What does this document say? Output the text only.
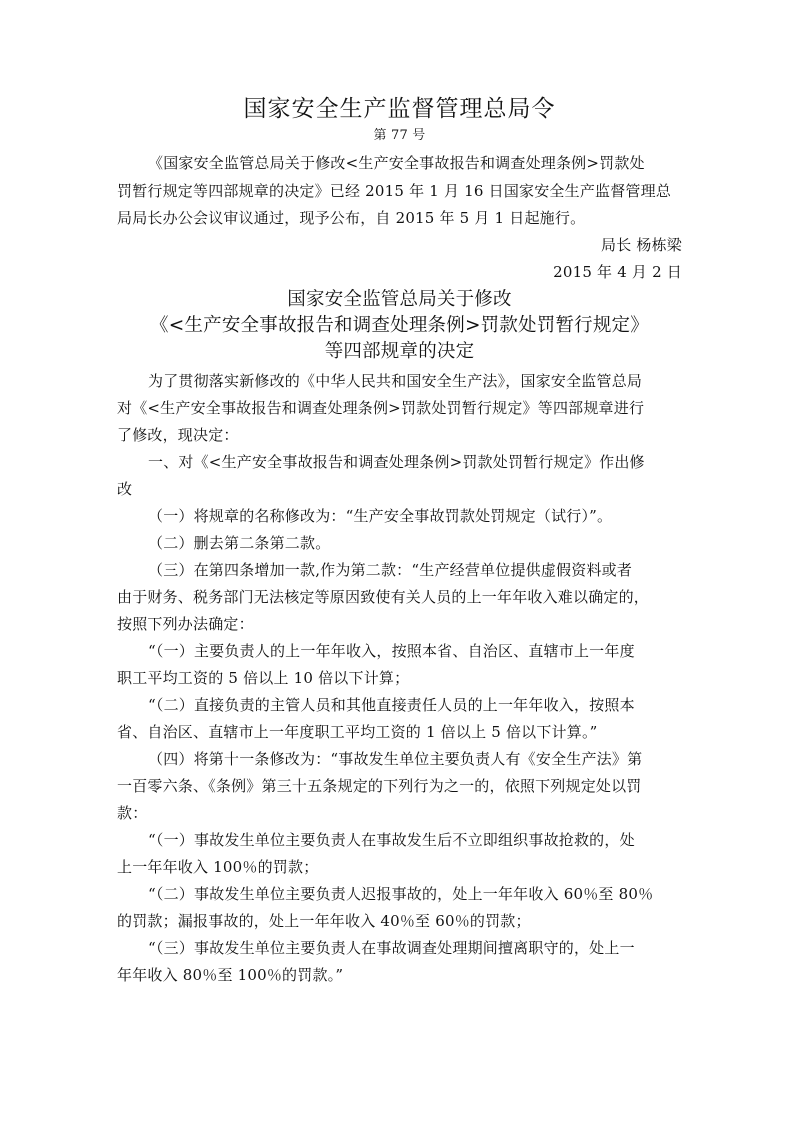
国家安全生产监督管理总局令
第 77 号
《国家安全监管总局关于修改<生产安全事故报告和调查处理条例>罚款处
罚暂行规定等四部规章的决定》已经 2015 年 1 月 16 日国家安全生产监督管理总
局局长办公会议审议通过，现予公布，自 2015 年 5 月 1 日起施行。
局长 杨栋梁
2015 年 4 月 2 日
国家安全监管总局关于修改
《<生产安全事故报告和调查处理条例>罚款处罚暂行规定》
等四部规章的决定
为了贯彻落实新修改的《中华人民共和国安全生产法》，国家安全监管总局
对《<生产安全事故报告和调查处理条例>罚款处罚暂行规定》等四部规章进行
了修改，现决定：
一、对《<生产安全事故报告和调查处理条例>罚款处罚暂行规定》作出修
改
（一）将规章的名称修改为：“生产安全事故罚款处罚规定（试行）”。
（二）删去第二条第二款。
（三）在第四条增加一款,作为第二款：“生产经营单位提供虚假资料或者
由于财务、税务部门无法核定等原因致使有关人员的上一年年收入难以确定的，
按照下列办法确定：
“（一）主要负责人的上一年年收入，按照本省、自治区、直辖市上一年度
职工平均工资的 5 倍以上 10 倍以下计算；
“（二）直接负责的主管人员和其他直接责任人员的上一年年收入，按照本
省、自治区、直辖市上一年度职工平均工资的 1 倍以上 5 倍以下计算。”
（四）将第十一条修改为：“事故发生单位主要负责人有《安全生产法》第
一百零六条、《条例》第三十五条规定的下列行为之一的，依照下列规定处以罚
款：
“（一）事故发生单位主要负责人在事故发生后不立即组织事故抢救的，处
上一年年收入 100％的罚款；
“（二）事故发生单位主要负责人迟报事故的，处上一年年收入 60％至 80％
的罚款；漏报事故的，处上一年年收入 40％至 60％的罚款；
“（三）事故发生单位主要负责人在事故调查处理期间擅离职守的，处上一
年年收入 80％至 100％的罚款。”
